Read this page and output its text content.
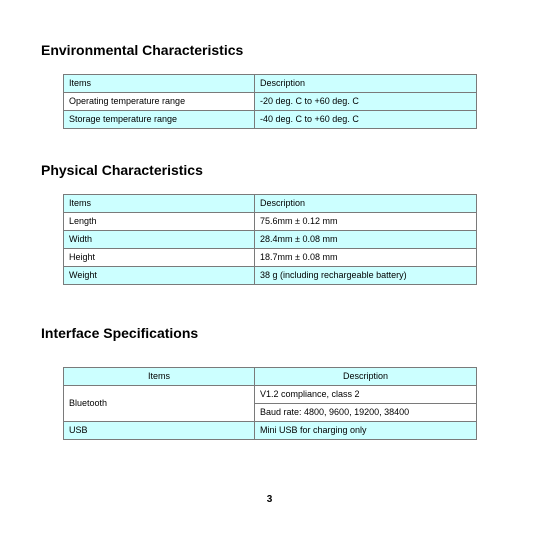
Environmental Characteristics
Items	Description
Operating temperature range	-20 deg. C to +60 deg. C
Storage temperature range	-40 deg. C to +60 deg. C
Physical Characteristics
Items	Description
Length	75.6mm ± 0.12 mm
Width	28.4mm ± 0.08 mm
Height	18.7mm ± 0.08 mm
Weight	38 g (including rechargeable battery)
Interface Specifications
Items	Description
Bluetooth	V1.2 compliance, class 2
	Baud rate: 4800, 9600, 19200, 38400
USB	Mini USB for charging only
3
